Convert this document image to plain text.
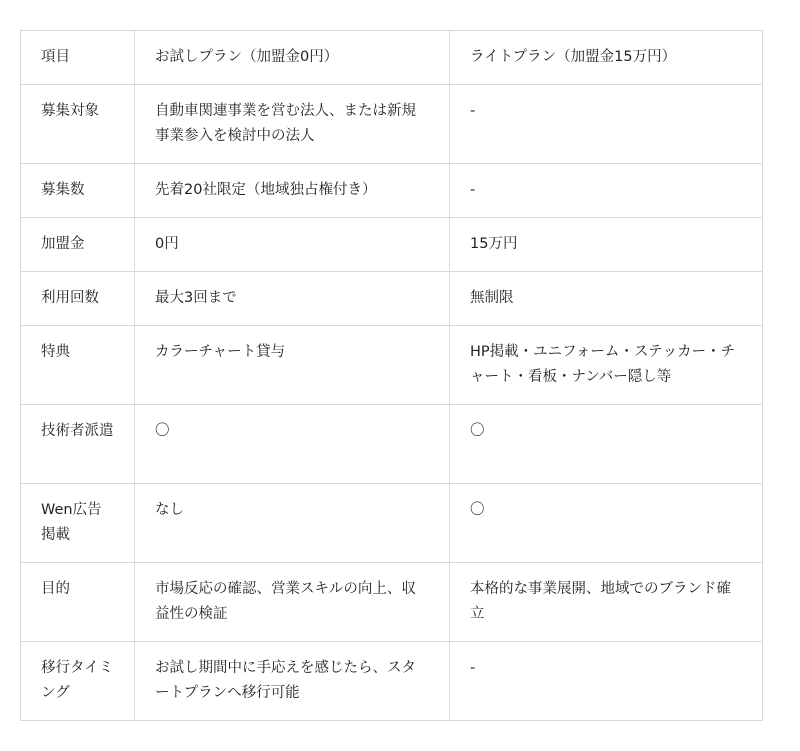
項目	お試しプラン（加盟金0円）	ライトプラン（加盟金15万円）
募集対象	自動車関連事業を営む法人、または新規事業参入を検討中の法人	-
募集数	先着20社限定（地域独占権付き）	-
加盟金	0円	15万円
利用回数	最大3回まで	無制限
特典	カラーチャート貸与	HP掲載・ユニフォーム・ステッカー・チャート・看板・ナンバー隠し等
技術者派遣	〇	〇
Wen広告掲載	なし	〇
目的	市場反応の確認、営業スキルの向上、収益性の検証	本格的な事業展開、地域でのブランド確立
移行タイミング	お試し期間中に手応えを感じたら、スタートプランへ移行可能	-
